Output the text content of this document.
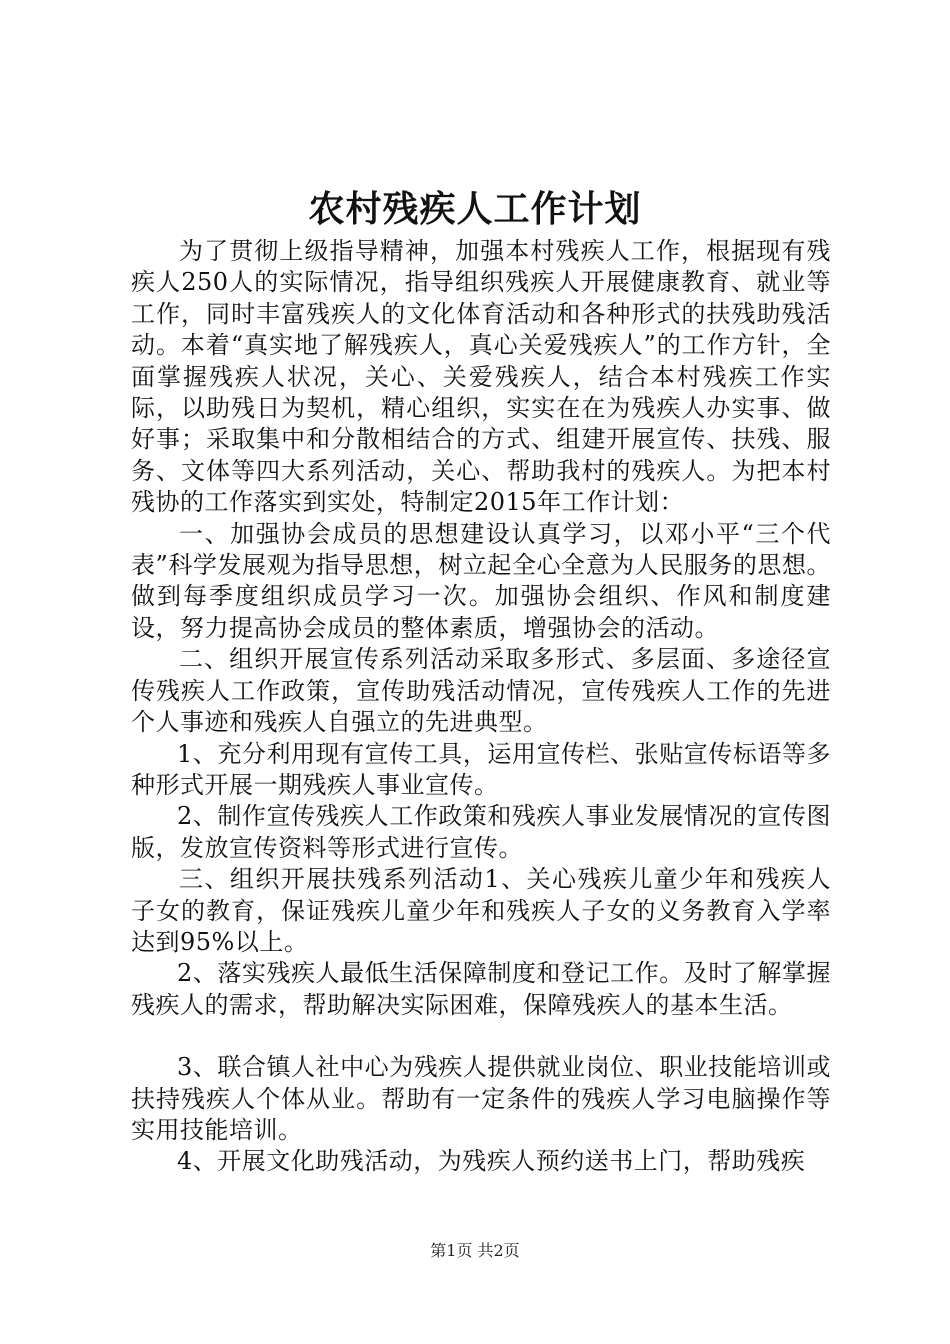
农村残疾人工作计划

为了贯彻上级指导精神，加强本村残疾人工作，根据现有残疾人250人的实际情况，指导组织残疾人开展健康教育、就业等工作，同时丰富残疾人的文化体育活动和各种形式的扶残助残活动。本着“真实地了解残疾人，真心关爱残疾人”的工作方针，全面掌握残疾人状况，关心、关爱残疾人，结合本村残疾工作实际，以助残日为契机，精心组织，实实在在为残疾人办实事、做好事；采取集中和分散相结合的方式、组建开展宣传、扶残、服务、文体等四大系列活动，关心、帮助我村的残疾人。为把本村残协的工作落实到实处，特制定2015年工作计划：

一、加强协会成员的思想建设认真学习，以邓小平“三个代表”科学发展观为指导思想，树立起全心全意为人民服务的思想。做到每季度组织成员学习一次。加强协会组织、作风和制度建设，努力提高协会成员的整体素质，增强协会的活动。

二、组织开展宣传系列活动采取多形式、多层面、多途径宣传残疾人工作政策，宣传助残活动情况，宣传残疾人工作的先进个人事迹和残疾人自强立的先进典型。

1、充分利用现有宣传工具，运用宣传栏、张贴宣传标语等多种形式开展一期残疾人事业宣传。

2、制作宣传残疾人工作政策和残疾人事业发展情况的宣传图版，发放宣传资料等形式进行宣传。

三、组织开展扶残系列活动1、关心残疾儿童少年和残疾人子女的教育，保证残疾儿童少年和残疾人子女的义务教育入学率达到95%以上。

2、落实残疾人最低生活保障制度和登记工作。及时了解掌握残疾人的需求，帮助解决实际困难，保障残疾人的基本生活。

3、联合镇人社中心为残疾人提供就业岗位、职业技能培训或扶持残疾人个体从业。帮助有一定条件的残疾人学习电脑操作等实用技能培训。

4、开展文化助残活动，为残疾人预约送书上门，帮助残疾

第1页 共2页
